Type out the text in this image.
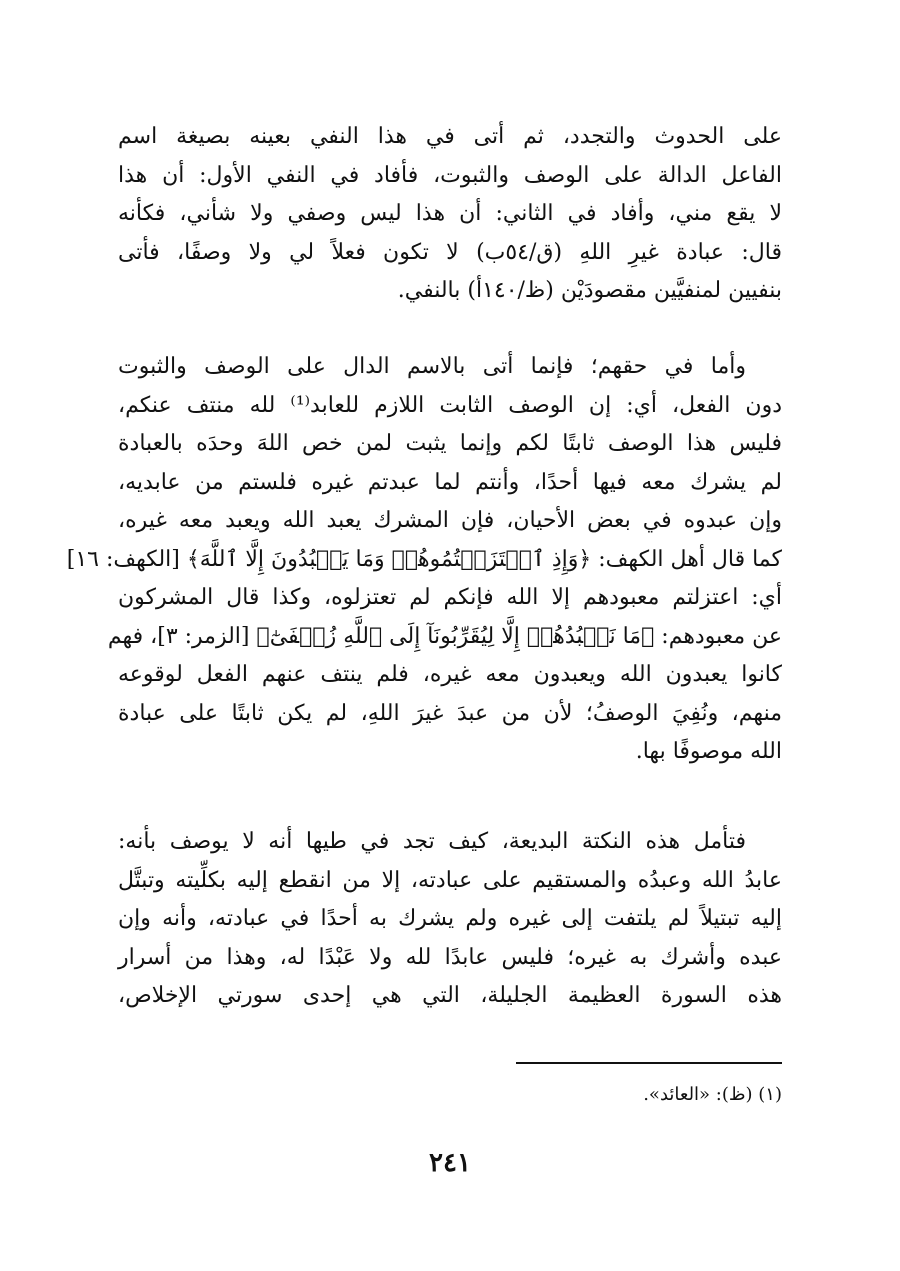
على الحدوث والتجدد، ثم أتى في هذا النفي بعينه بصيغة اسم
الفاعل الدالة على الوصف والثبوت، فأفاد في النفي الأول: أن هذا
لا يقع مني، وأفاد في الثاني: أن هذا ليس وصفي ولا شأني، فكأنه
قال: عبادة غيرِ اللهِ (ق/٥٤ب) لا تكون فعلاً لي ولا وصفًا، فأتى
بنفيين لمنفيَّين مقصودَيْن (ظ/١٤٠أ) بالنفي.
وأما في حقهم؛ فإنما أتى بالاسم الدال على الوصف والثبوت
دون الفعل، أي: إن الوصف الثابت اللازم للعابد⁽¹⁾ لله منتف عنكم،
فليس هذا الوصف ثابتًا لكم وإنما يثبت لمن خص اللهَ وحدَه بالعبادة
لم يشرك معه فيها أحدًا، وأنتم لما عبدتم غيره فلستم من عابديه،
وإن عبدوه في بعض الأحيان، فإن المشرك يعبد الله ويعبد معه غيره،
كما قال أهل الكهف: ﴿وَإِذِ ٱعۡتَزَلۡتُمُوهُمۡ وَمَا يَعۡبُدُونَ إِلَّا ٱللَّهَ﴾ [الكهف: ١٦]
أي: اعتزلتم معبودهم إلا الله فإنكم لم تعتزلوه، وكذا قال المشركون
عن معبودهم: ﴿مَا نَعۡبُدُهُمۡ إِلَّا لِيُقَرِّبُونَآ إِلَى ٱللَّهِ زُلۡفَىٰٓ﴾ [الزمر: ٣]، فهم
كانوا يعبدون الله ويعبدون معه غيره، فلم ينتف عنهم الفعل لوقوعه
منهم، ونُفِيَ الوصفُ؛ لأن من عبدَ غيرَ اللهِ، لم يكن ثابتًا على عبادة
الله موصوفًا بها.
فتأمل هذه النكتة البديعة، كيف تجد في طيها أنه لا يوصف بأنه:
عابدُ الله وعبدُه والمستقيم على عبادته، إلا من انقطع إليه بكلِّيته وتبتَّل
إليه تبتيلاً لم يلتفت إلى غيره ولم يشرك به أحدًا في عبادته، وأنه وإن
عبده وأشرك به غيره؛ فليس عابدًا لله ولا عَبْدًا له، وهذا من أسرار
هذه السورة العظيمة الجليلة، التي هي إحدى سورتي الإخلاص،
(١) (ظ): «العائد».
٢٤١
